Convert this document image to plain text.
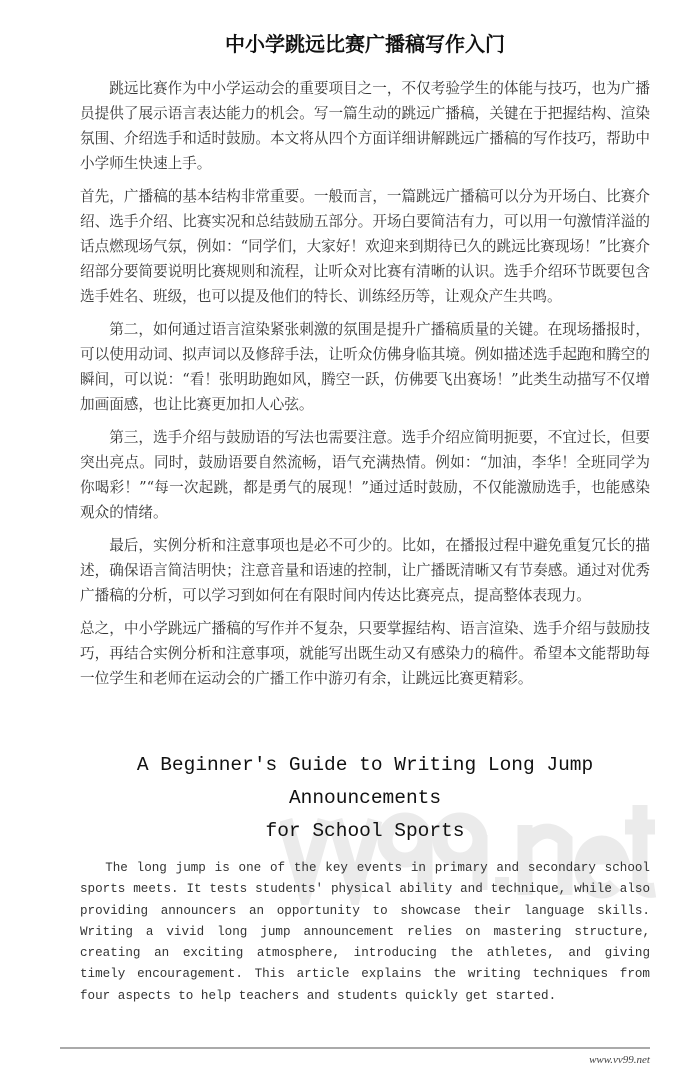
中小学跳远比赛广播稿写作入门

跳远比赛作为中小学运动会的重要项目之一，不仅考验学生的体能与技巧，也为广播员提供了展示语言表达能力的机会。写一篇生动的跳远广播稿，关键在于把握结构、渲染氛围、介绍选手和适时鼓励。本文将从四个方面详细讲解跳远广播稿的写作技巧，帮助中小学师生快速上手。

首先，广播稿的基本结构非常重要。一般而言，一篇跳远广播稿可以分为开场白、比赛介绍、选手介绍、比赛实况和总结鼓励五部分。开场白要简洁有力，可以用一句激情洋溢的话点燃现场气氛，例如：“同学们，大家好！欢迎来到期待已久的跳远比赛现场！”比赛介绍部分要简要说明比赛规则和流程，让听众对比赛有清晰的认识。选手介绍环节既要包含选手姓名、班级，也可以提及他们的特长、训练经历等，让观众产生共鸣。

第二，如何通过语言渲染紧张刺激的氛围是提升广播稿质量的关键。在现场播报时，可以使用动词、拟声词以及修辞手法，让听众仿佛身临其境。例如描述选手起跑和腾空的瞬间，可以说：“看！张明助跑如风，腾空一跃，仿佛要飞出赛场！”此类生动描写不仅增加画面感，也让比赛更加扣人心弦。

第三，选手介绍与鼓励语的写法也需要注意。选手介绍应简明扼要，不宜过长，但要突出亮点。同时，鼓励语要自然流畅，语气充满热情。例如：“加油，李华！全班同学为你喝彩！”“每一次起跳，都是勇气的展现！”通过适时鼓励，不仅能激励选手，也能感染观众的情绪。

最后，实例分析和注意事项也是必不可少的。比如，在播报过程中避免重复冗长的描述，确保语言简洁明快；注意音量和语速的控制，让广播既清晰又有节奏感。通过对优秀广播稿的分析，可以学习到如何在有限时间内传达比赛亮点，提高整体表现力。

总之，中小学跳远广播稿的写作并不复杂，只要掌握结构、语言渲染、选手介绍与鼓励技巧，再结合实例分析和注意事项，就能写出既生动又有感染力的稿件。希望本文能帮助每一位学生和老师在运动会的广播工作中游刃有余，让跳远比赛更精彩。

A Beginner's Guide to Writing Long Jump Announcements
for School Sports

The long jump is one of the key events in primary and secondary school sports meets. It tests students' physical ability and technique, while also providing announcers an opportunity to showcase their language skills. Writing a vivid long jump announcement relies on mastering structure, creating an exciting atmosphere, introducing the athletes, and giving timely encouragement. This article explains the writing techniques from four aspects to help teachers and students quickly get started.

www.vv99.net
